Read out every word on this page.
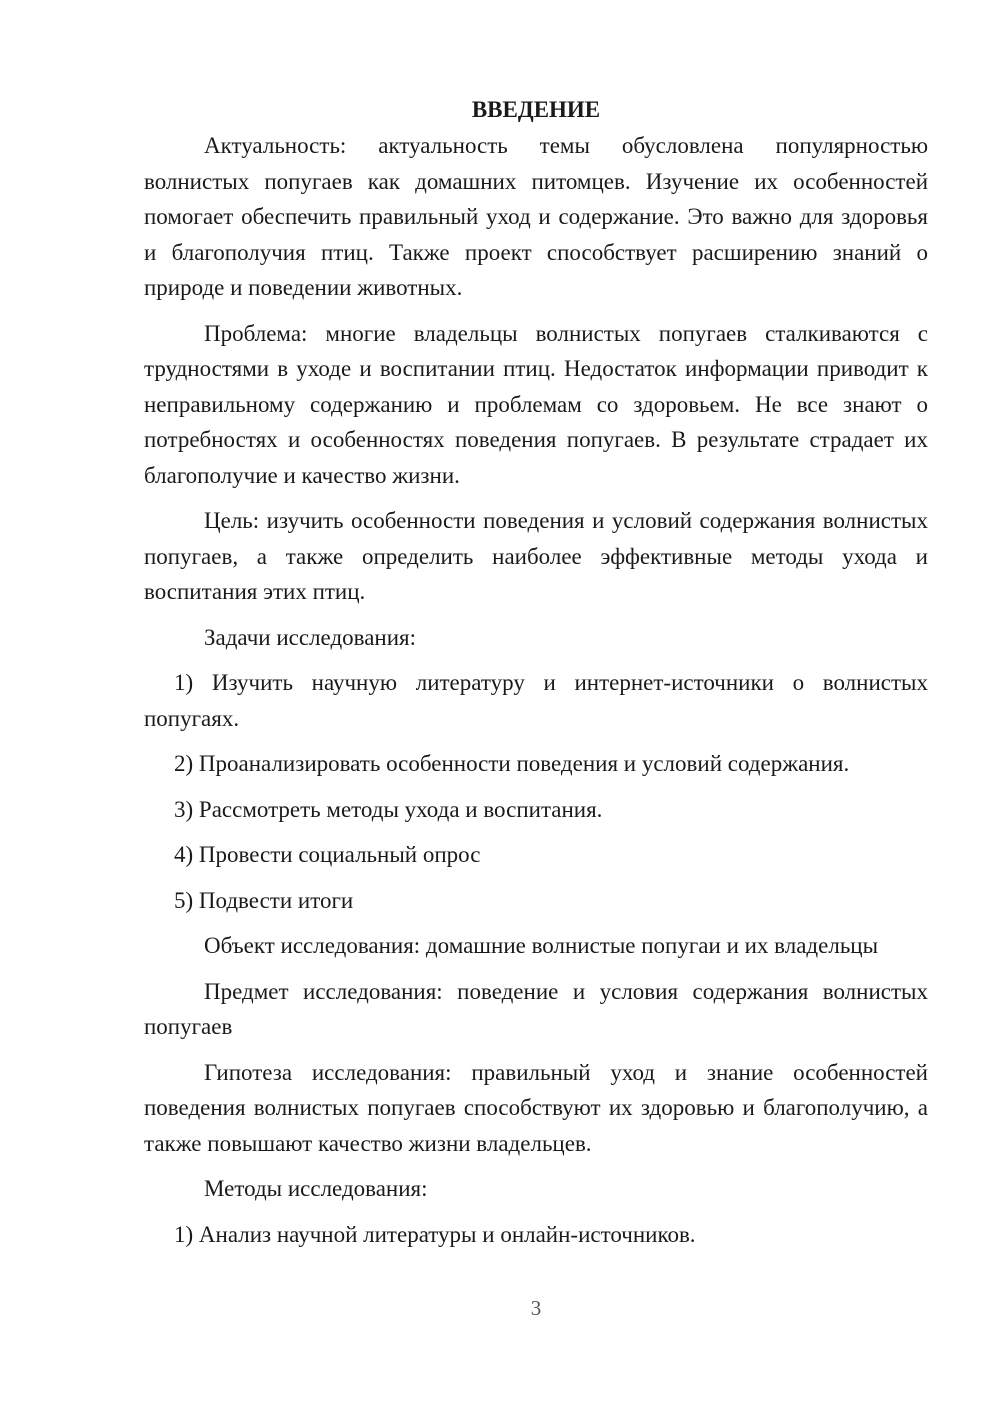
ВВЕДЕНИЕ

Актуальность: актуальность темы обусловлена популярностью волнистых попугаев как домашних питомцев. Изучение их особенностей помогает обеспечить правильный уход и содержание. Это важно для здоровья и благополучия птиц. Также проект способствует расширению знаний о природе и поведении животных.

Проблема: многие владельцы волнистых попугаев сталкиваются с трудностями в уходе и воспитании птиц. Недостаток информации приводит к неправильному содержанию и проблемам со здоровьем. Не все знают о потребностях и особенностях поведения попугаев. В результате страдает их благополучие и качество жизни.

Цель: изучить особенности поведения и условий содержания волнистых попугаев, а также определить наиболее эффективные методы ухода и воспитания этих птиц.

Задачи исследования:

1) Изучить научную литературу и интернет-источники о волнистых попугаях.

2) Проанализировать особенности поведения и условий содержания.

3) Рассмотреть методы ухода и воспитания.

4) Провести социальный опрос

5) Подвести итоги

Объект исследования: домашние волнистые попугаи и их владельцы

Предмет исследования: поведение и условия содержания волнистых попугаев

Гипотеза исследования: правильный уход и знание особенностей поведения волнистых попугаев способствуют их здоровью и благополучию, а также повышают качество жизни владельцев.

Методы исследования:

1) Анализ научной литературы и онлайн-источников.

3
